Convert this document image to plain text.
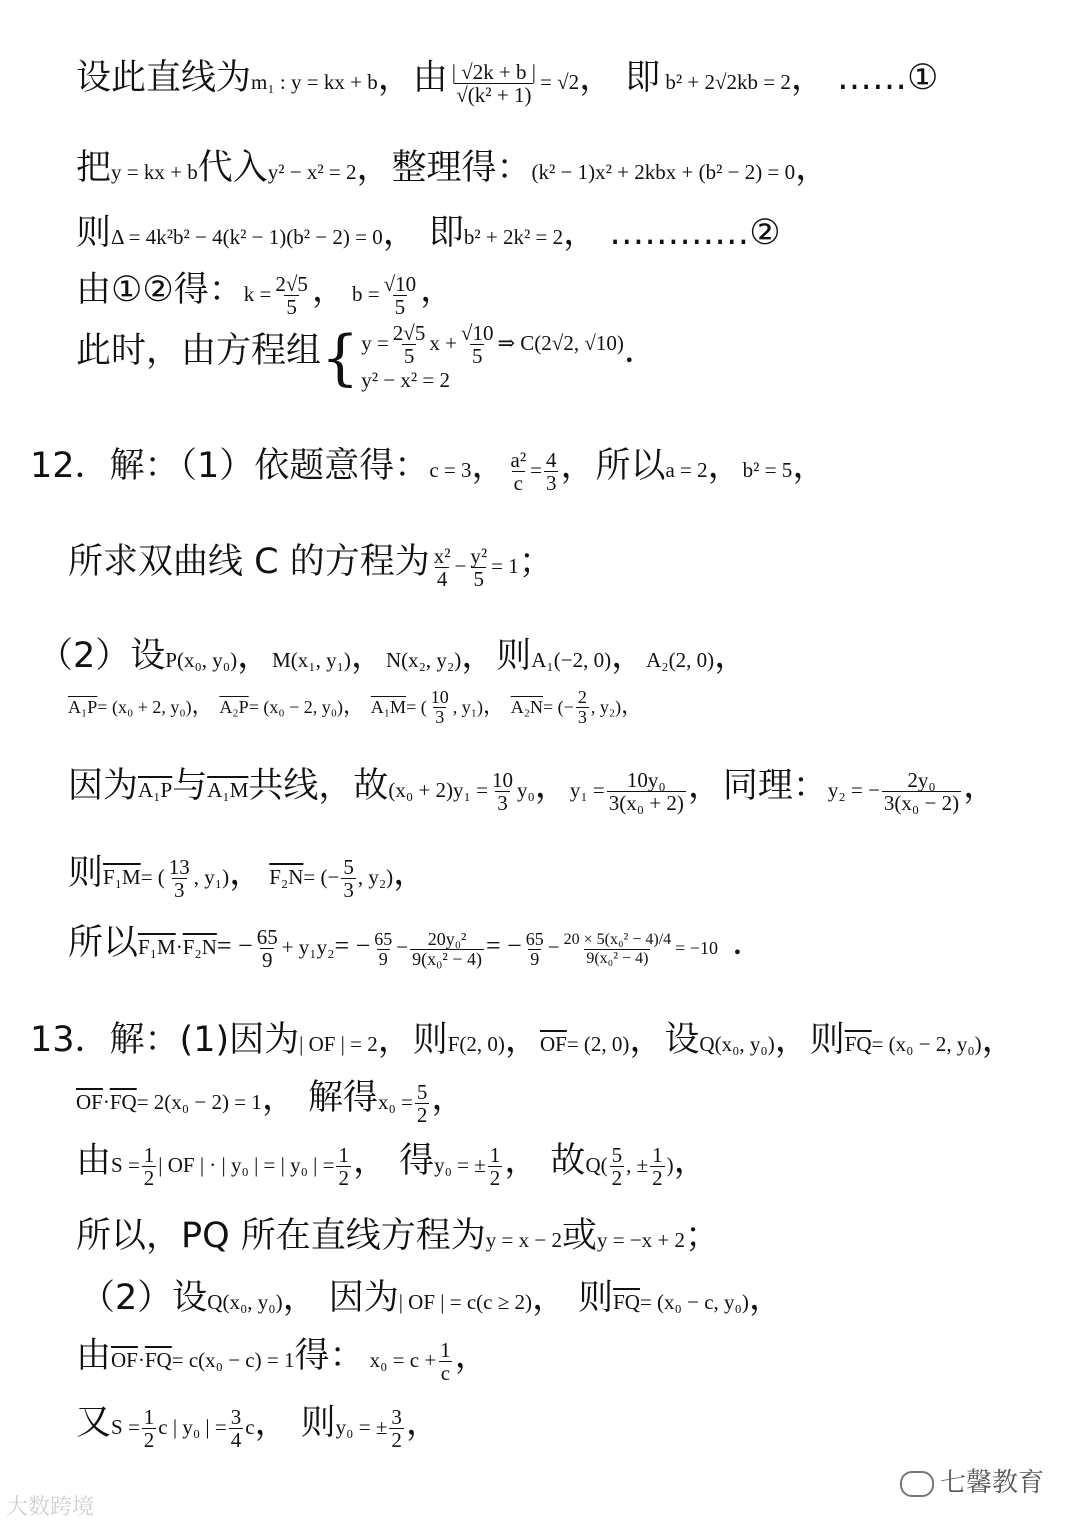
设此直线为m₁ : y = kx + b，由 $\frac{| √2k + b |}{\text{√(k² + 1)}} = √2$， 即 b² + 2√2kb = 2， ……①
把y = kx + b代入y² − x² = 2，整理得：(k² − 1)x² + 2kbx + (b² − 2) = 0，
则Δ = 4k²b² − 4(k² − 1)(b² − 2) = 0， 即b² + 2k² = 2， …………②
由①②得：$k = \frac{2√5}{5}$ ， $b = \frac{√10}{5}$ ，
此时，由方程组{ $y = \frac{2√5}{5}$ $x + \frac{√10}{5}$ ⇒ C(2√2, √10)
y² − x² = 2
．
12．解：（1）依题意得：c = 3， $\frac{\text{a²}}{c} = \frac{4}{3}$ ，所以a = 2，b² = 5，
所求双曲线 C 的方程为 $\frac{\text{x²}}{4} - \frac{\text{y²}}{5} = 1$；
（2）设P(x₀, y₀)，M(x₁, y₁)，N(x₂, y₂)，则A₁(−2, 0)，A₂(2, 0)，
A₁P= (x₀ + 2, y₀)， A₂P= (x₀ − 2, y₀)， A₁M= ( $\frac{10}{3}$ , y₁)， A₂N= (− $\frac{2}{3}$ , y₂)，
因为A₁P与A₁M共线，故$(x_0 + 2)y_1 = \frac{10}{3} y_0$，$y_1 = \frac{\text{10y₀}}{\text{3(x₀ + 2)}}$ ，同理：y₂ = − $\frac{\text{2y₀}}{\text{3(x₀ − 2)}}$ ，
则F₁M= ( $\frac{13}{3}$ , y₁)， F₂N= (− $\frac{5}{3}$ , y₂)，
所以$F_1M\cdot F_2N= - \frac{65}{9} + y_1y_2= - \frac{65}{9} - \frac{\text{20y₀²}}{\text{9(x₀² − 4)}}$ = − $\frac{65}{9} - \frac{\text{20 × 5(x₀² − 4)/4}}{\text{9(x₀² − 4)}} = -10$ ．
13．解：(1)因为| OF | = 2，则F(2, 0)，$\overline{OF}= (2$, 0)，设Q(x₀, y₀)，则$\overline{FQ}= (x_0 - 2$, y₀)，
$\overline{OF}\cdot\overline{FQ}= 2(x_0 - 2) = 1$， 解得$x_0 = \frac{5}{2}$ ，
由$S = \frac{1}{2}$ | OF | · | y₀ | = | y₀ | = $\frac{1}{2}$ ， 得y₀ = ± $\frac{1}{2}$ ， 故$Q( \frac{5}{2}$ , ± $\frac{1}{2}$ )，
所以，PQ 所在直线方程为y = x − 2或y = −x + 2；
（2）设Q(x₀, y₀)， 因为| OF | = c(c ≥ 2)， 则$\overline{FQ}= (x_0 - c$, y₀)，
由$\overline{OF}\cdot\overline{FQ}= c(x_0 - c) = 1$得： $x_0 = c + \frac{1}{c}$ ，
又$S = \frac{1}{2}$ c | y₀ | = $\frac{3}{4}$ c， 则y₀ = ± $\frac{3}{2}$ ，
大数跨境
七馨教育
